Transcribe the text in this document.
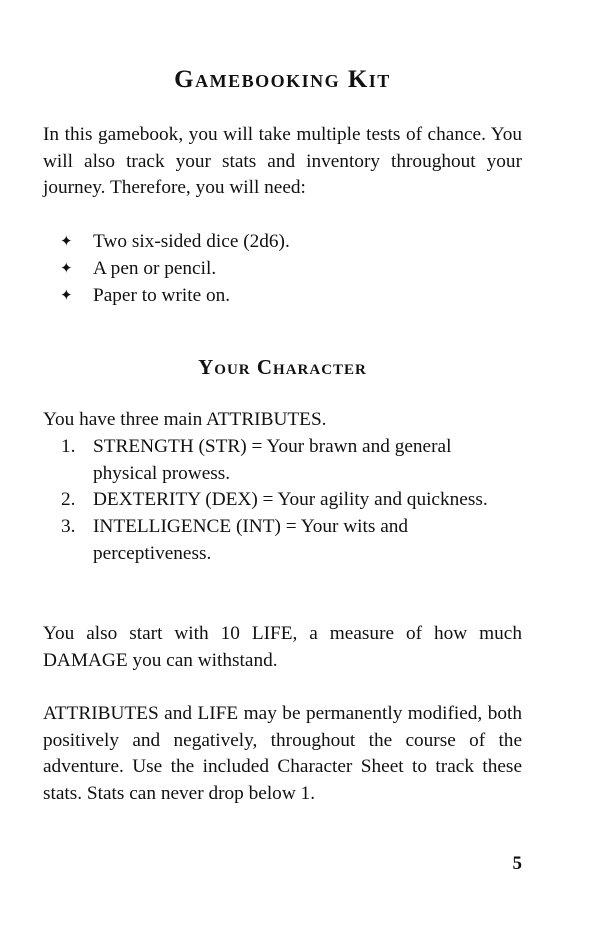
Gamebooking Kit

In this gamebook, you will take multiple tests of chance. You will also track your stats and inventory throughout your journey. Therefore, you will need:

✦ Two six-sided dice (2d6).
✦ A pen or pencil.
✦ Paper to write on.
Your Character

You have three main ATTRIBUTES.

1. STRENGTH (STR) = Your brawn and general physical prowess.
2. DEXTERITY (DEX) = Your agility and quickness.
3. INTELLIGENCE (INT) = Your wits and perceptiveness.

You also start with 10 LIFE, a measure of how much DAMAGE you can withstand.

ATTRIBUTES and LIFE may be permanently modified, both positively and negatively, throughout the course of the adventure. Use the included Character Sheet to track these stats. Stats can never drop below 1.

5
